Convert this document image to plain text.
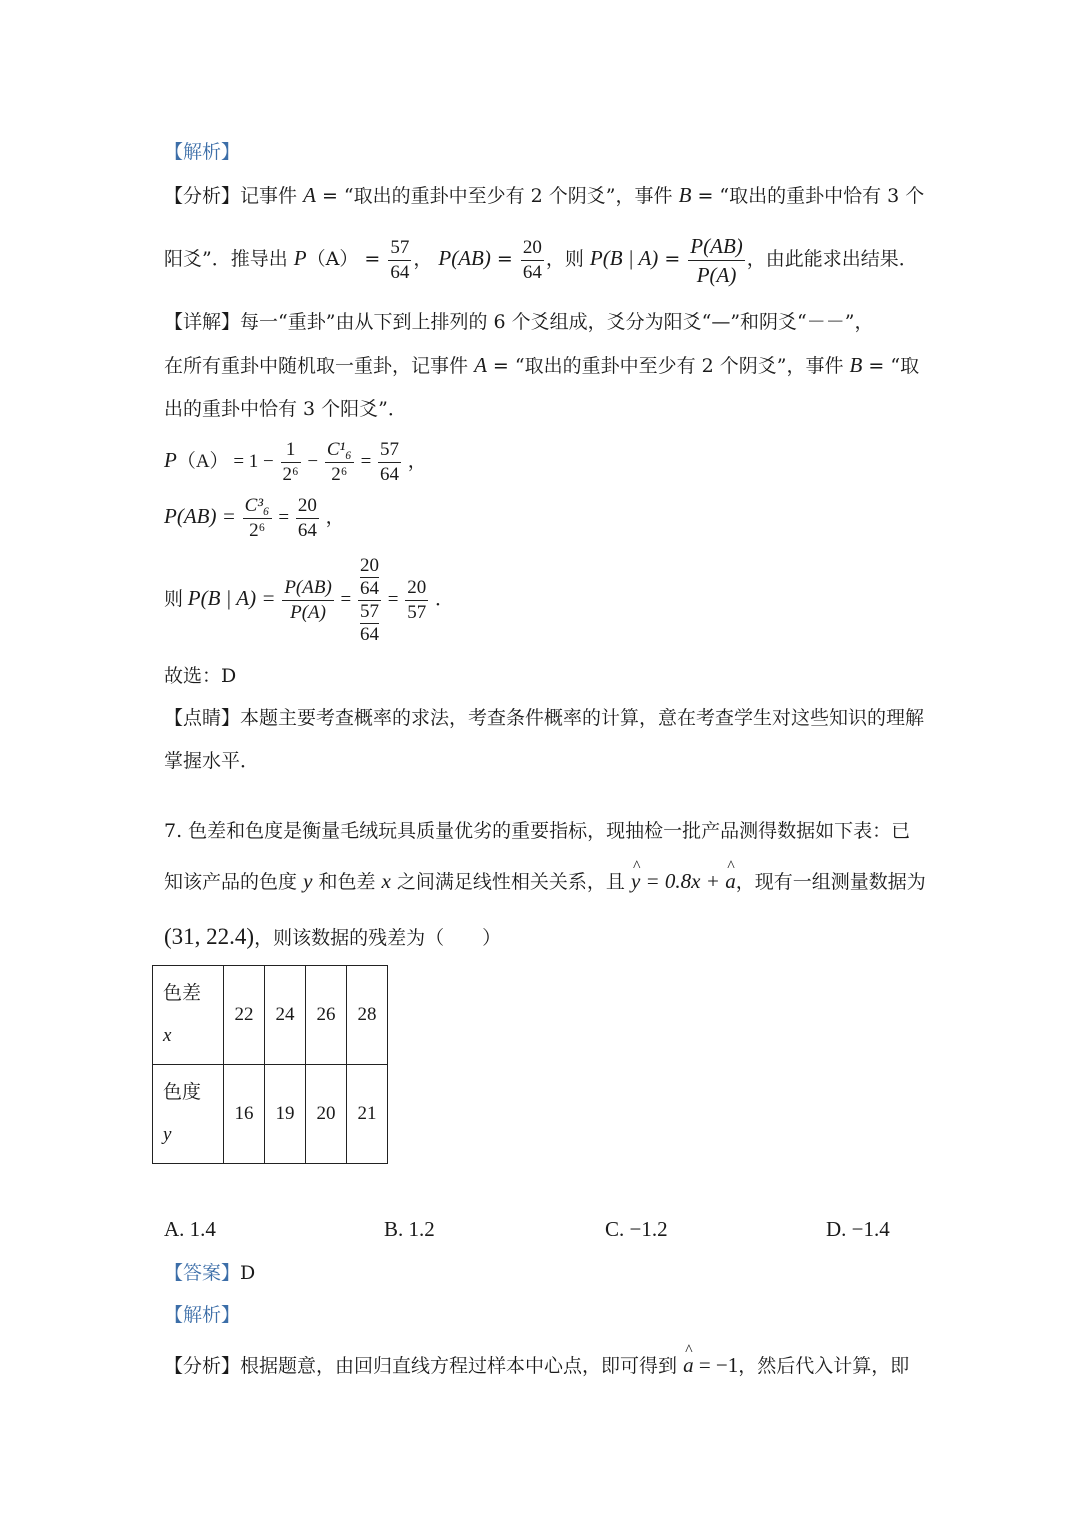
【解析】
【分析】记事件 A = “取出的重卦中至少有 2 个阴爻”，事件 B = “取出的重卦中恰有 3 个
阳爻”．推导出 $P(A) = \frac{57}{64}$ ， $P(AB) = \frac{20}{64}$ ，则 P(B | $A) = \frac{P(AB)}{P(A)}$ ，由此能求出结果．
【详解】每一“重卦”由从下到上排列的 6 个爻组成，爻分为阳爻“—”和阴爻“－－”，
在所有重卦中随机取一重卦，记事件 A = “取出的重卦中至少有 2 个阴爻”，事件 B = “取
出的重卦中恰有 3 个阳爻”．
$P(A) = 1 - \frac{1}{\text{2⁶}} - \frac{\text{C¹₆}}{\text{2⁶}} = \frac{57}{64}$ ，
$P(AB) = \frac{\text{C³₆}}{\text{2⁶}} = \frac{20}{64}$ ，
则 P(B | $A) = \frac{P(AB)}{P(A)} = 20$
64
57
$64 = \frac{20}{57}$ ．
故选：D
【点睛】本题主要考查概率的求法，考查条件概率的计算，意在考查学生对这些知识的理解
掌握水平．
7. 色差和色度是衡量毛绒玩具质量优劣的重要指标，现抽检一批产品测得数据如下表：已
知该产品的色度 y 和色差 x 之间满足线性相关关系，且 ^ y = 0.8x + ^ a，现有一组测量数据为
(31, 22.4)，则该数据的残差为（　　）
色差
x	22	24	26	28
色度
y	16	19	20	21
A. 1.4	B. 1.2	C. −1.2	D. −1.4
【答案】D
【解析】
【分析】根据题意，由回归直线方程过样本中心点，即可得到 ^ a = −1，然后代入计算，即
